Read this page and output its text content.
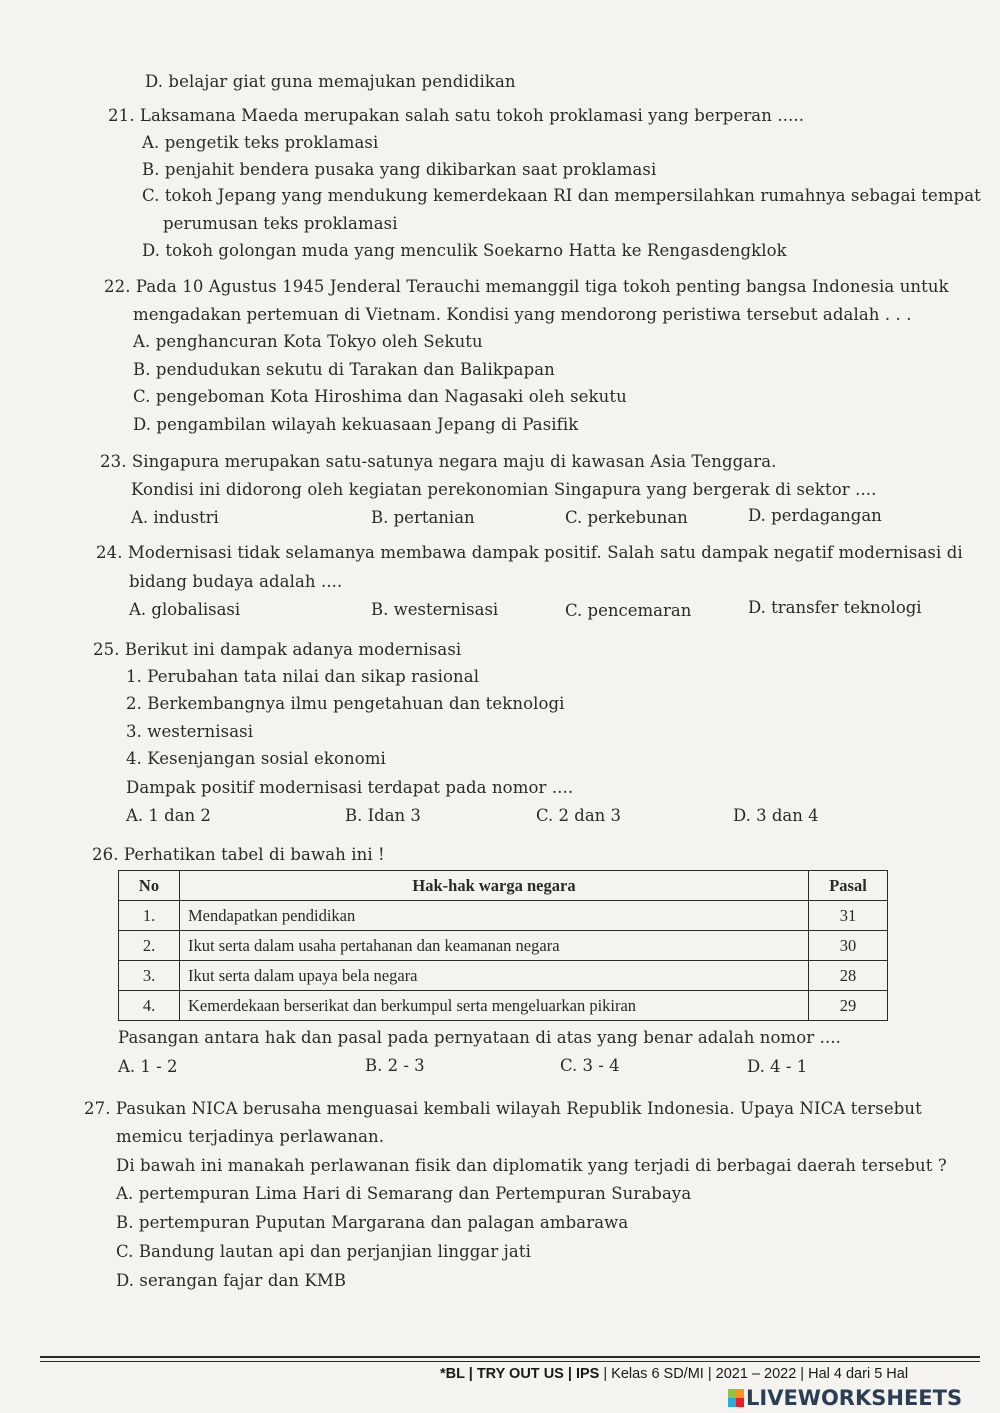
D. belajar giat guna memajukan pendidikan
21. Laksamana Maeda merupakan salah satu tokoh proklamasi yang berperan .....
A. pengetik teks proklamasi
B. penjahit bendera pusaka yang dikibarkan saat proklamasi
C. tokoh Jepang yang mendukung kemerdekaan RI dan mempersilahkan rumahnya sebagai tempat
perumusan teks proklamasi
D. tokoh golongan muda yang menculik Soekarno Hatta ke Rengasdengklok
22. Pada 10 Agustus 1945 Jenderal Terauchi memanggil tiga tokoh penting bangsa Indonesia untuk
mengadakan pertemuan di Vietnam. Kondisi yang mendorong peristiwa tersebut adalah . . .
A. penghancuran Kota Tokyo oleh Sekutu
B. pendudukan sekutu di Tarakan dan Balikpapan
C. pengeboman Kota Hiroshima dan Nagasaki oleh sekutu
D. pengambilan wilayah kekuasaan Jepang di Pasifik
23. Singapura merupakan satu-satunya negara maju di kawasan Asia Tenggara.
Kondisi ini didorong oleh kegiatan perekonomian Singapura yang bergerak di sektor ....
A. industri	B. pertanian	C. perkebunan	D. perdagangan
24. Modernisasi tidak selamanya membawa dampak positif. Salah satu dampak negatif modernisasi di
bidang budaya adalah ....
A. globalisasi	B. westernisasi	C. pencemaran	D. transfer teknologi
25. Berikut ini dampak adanya modernisasi
1. Perubahan tata nilai dan sikap rasional
2. Berkembangnya ilmu pengetahuan dan teknologi
3. westernisasi
4. Kesenjangan sosial ekonomi
Dampak positif modernisasi terdapat pada nomor ....
A. 1 dan 2	B. Idan 3	C. 2 dan 3	D. 3 dan 4
26. Perhatikan tabel di bawah ini !
No	Hak-hak warga negara	Pasal
1.	Mendapatkan pendidikan	31
2.	Ikut serta dalam usaha pertahanan dan keamanan negara	30
3.	Ikut serta dalam upaya bela negara	28
4.	Kemerdekaan berserikat dan berkumpul serta mengeluarkan pikiran	29
Pasangan antara hak dan pasal pada pernyataan di atas yang benar adalah nomor ....
A. 1 - 2	B. 2 - 3	C. 3 - 4	D. 4 - 1
27. Pasukan NICA berusaha menguasai kembali wilayah Republik Indonesia. Upaya NICA tersebut
memicu terjadinya perlawanan.
Di bawah ini manakah perlawanan fisik dan diplomatik yang terjadi di berbagai daerah tersebut ?
A. pertempuran Lima Hari di Semarang dan Pertempuran Surabaya
B. pertempuran Puputan Margarana dan palagan ambarawa
C. Bandung lautan api dan perjanjian linggar jati
D. serangan fajar dan KMB
*BL | TRY OUT US | IPS | Kelas 6 SD/MI | 2021 – 2022 | Hal 4 dari 5 Hal
LIVEWORKSHEETS
